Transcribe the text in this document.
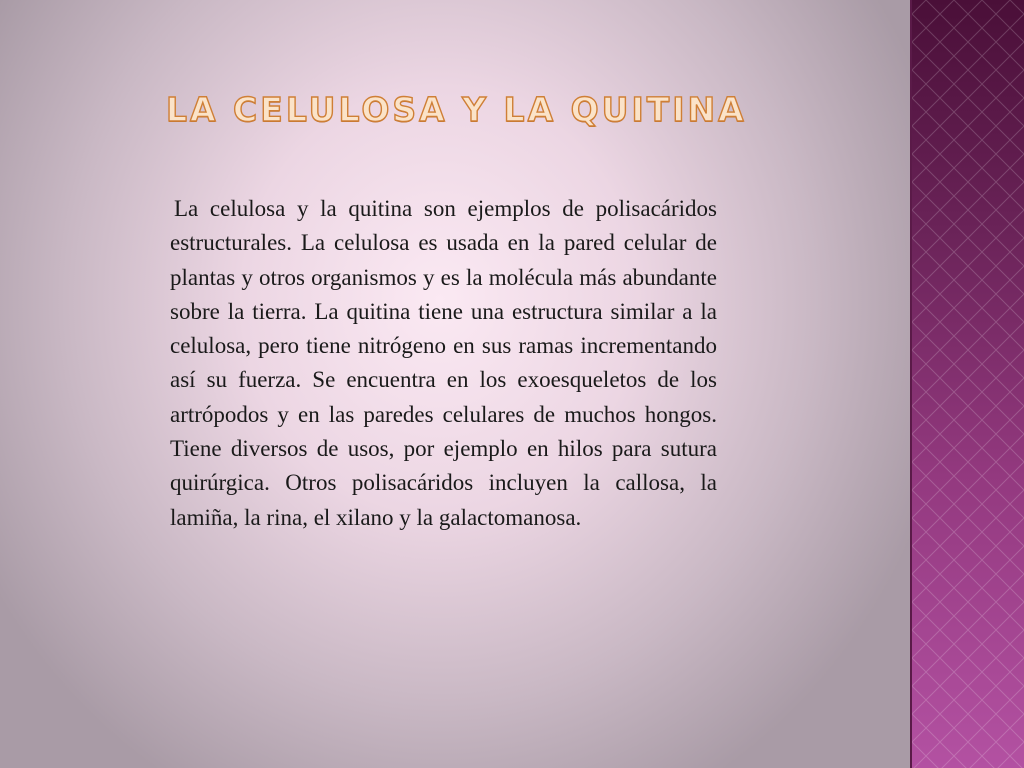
LA CELULOSA Y LA QUITINA

La celulosa y la quitina son ejemplos de polisacáridos estructurales. La celulosa es usada en la pared celular de plantas y otros organismos y es la molécula más abundante sobre la tierra. La quitina tiene una estructura similar a la celulosa, pero tiene nitrógeno en sus ramas incrementando así su fuerza. Se encuentra en los exoesqueletos de los artrópodos y en las paredes celulares de muchos hongos. Tiene diversos de usos, por ejemplo en hilos para sutura quirúrgica. Otros polisacáridos incluyen la callosa, la lamiña, la rina, el xilano y la galactomanosa.
